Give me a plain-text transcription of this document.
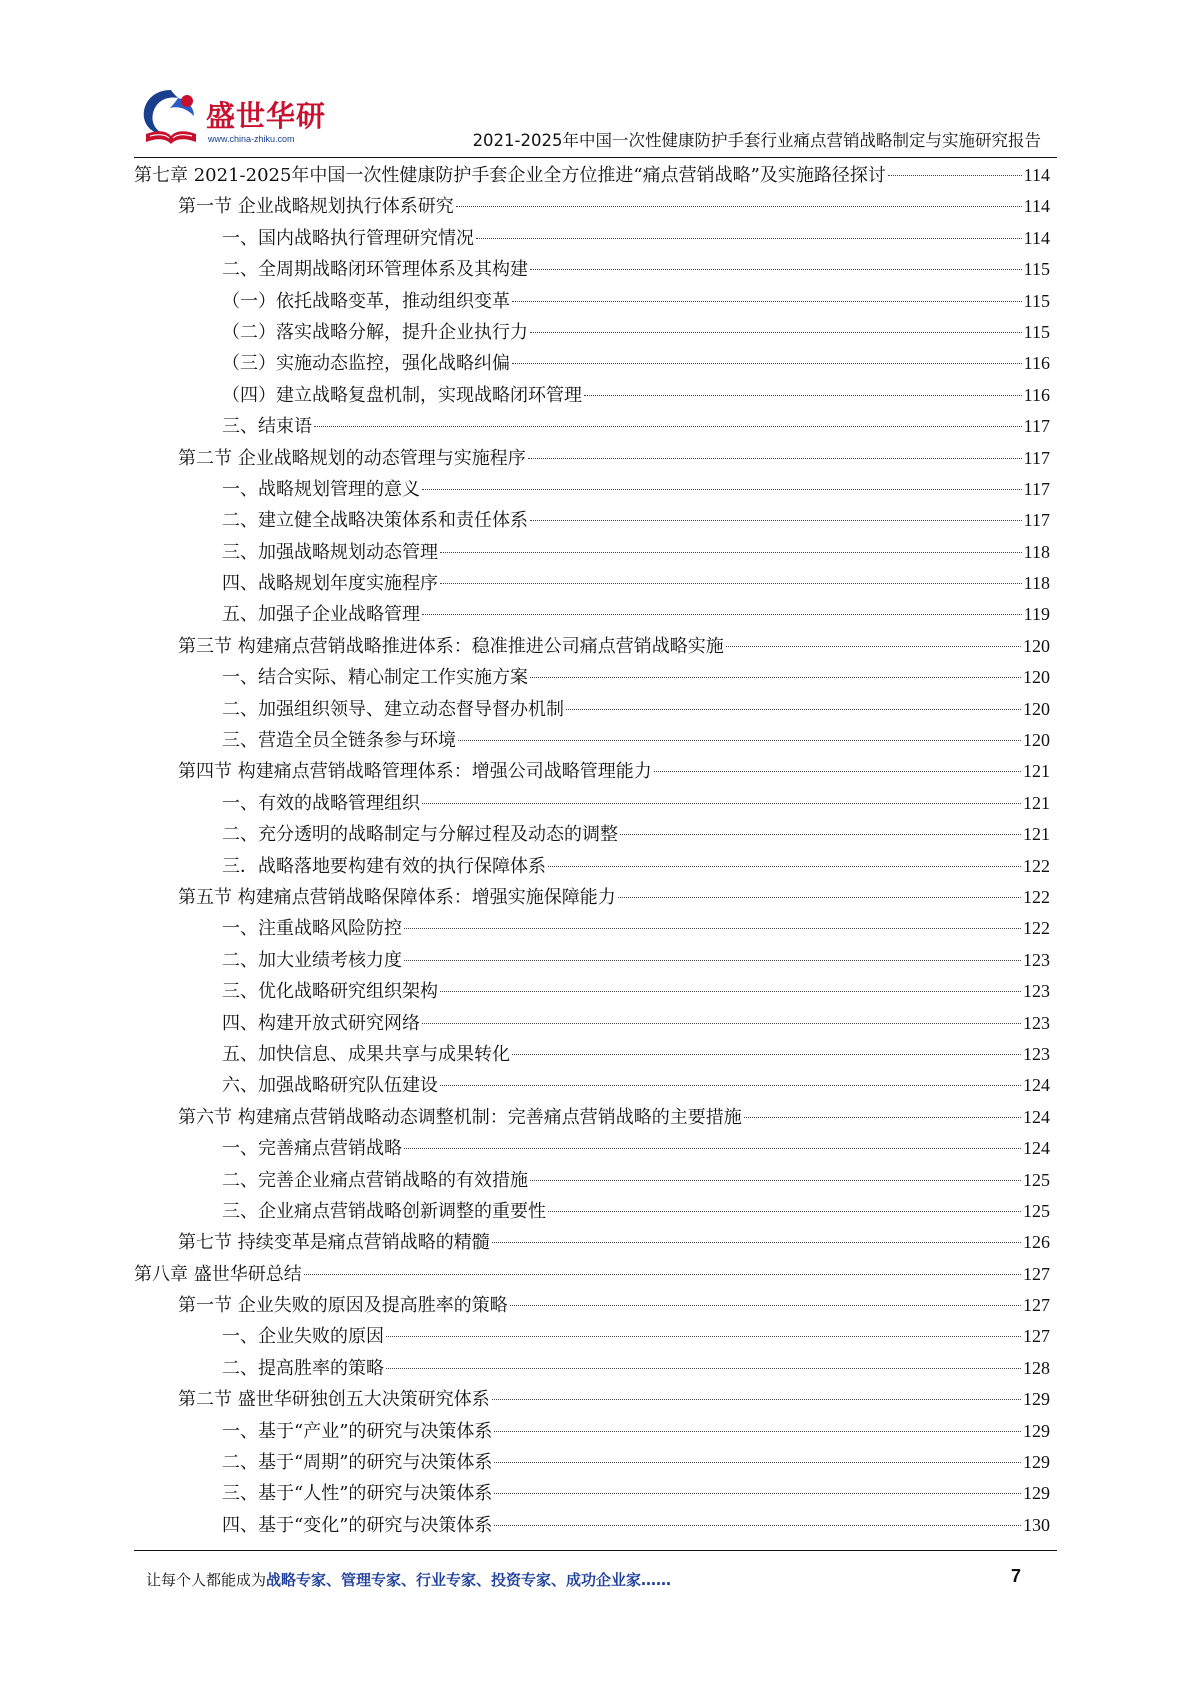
盛世华研
www.china-zhiku.com	2021-2025年中国一次性健康防护手套行业痛点营销战略制定与实施研究报告
第七章 2021-2025年中国一次性健康防护手套企业全方位推进“痛点营销战略”及实施路径探讨	114
第一节 企业战略规划执行体系研究	114
一、国内战略执行管理研究情况	114
二、全周期战略闭环管理体系及其构建	115
（一）依托战略变革，推动组织变革	115
（二）落实战略分解，提升企业执行力	115
（三）实施动态监控，强化战略纠偏	116
（四）建立战略复盘机制，实现战略闭环管理	116
三、结束语	117
第二节 企业战略规划的动态管理与实施程序	117
一、战略规划管理的意义	117
二、建立健全战略决策体系和责任体系	117
三、加强战略规划动态管理	118
四、战略规划年度实施程序	118
五、加强子企业战略管理	119
第三节 构建痛点营销战略推进体系：稳准推进公司痛点营销战略实施	120
一、结合实际、精心制定工作实施方案	120
二、加强组织领导、建立动态督导督办机制	120
三、营造全员全链条参与环境	120
第四节 构建痛点营销战略管理体系：增强公司战略管理能力	121
一、有效的战略管理组织	121
二、充分透明的战略制定与分解过程及动态的调整	121
三．战略落地要构建有效的执行保障体系	122
第五节 构建痛点营销战略保障体系：增强实施保障能力	122
一、注重战略风险防控	122
二、加大业绩考核力度	123
三、优化战略研究组织架构	123
四、构建开放式研究网络	123
五、加快信息、成果共享与成果转化	123
六、加强战略研究队伍建设	124
第六节 构建痛点营销战略动态调整机制：完善痛点营销战略的主要措施	124
一、完善痛点营销战略	124
二、完善企业痛点营销战略的有效措施	125
三、企业痛点营销战略创新调整的重要性	125
第七节 持续变革是痛点营销战略的精髓	126
第八章 盛世华研总结	127
第一节 企业失败的原因及提高胜率的策略	127
一、企业失败的原因	127
二、提高胜率的策略	128
第二节 盛世华研独创五大决策研究体系	129
一、基于“产业”的研究与决策体系	129
二、基于“周期”的研究与决策体系	129
三、基于“人性”的研究与决策体系	129
四、基于“变化”的研究与决策体系	130
让每个人都能成为战略专家、管理专家、行业专家、投资专家、成功企业家……	7
